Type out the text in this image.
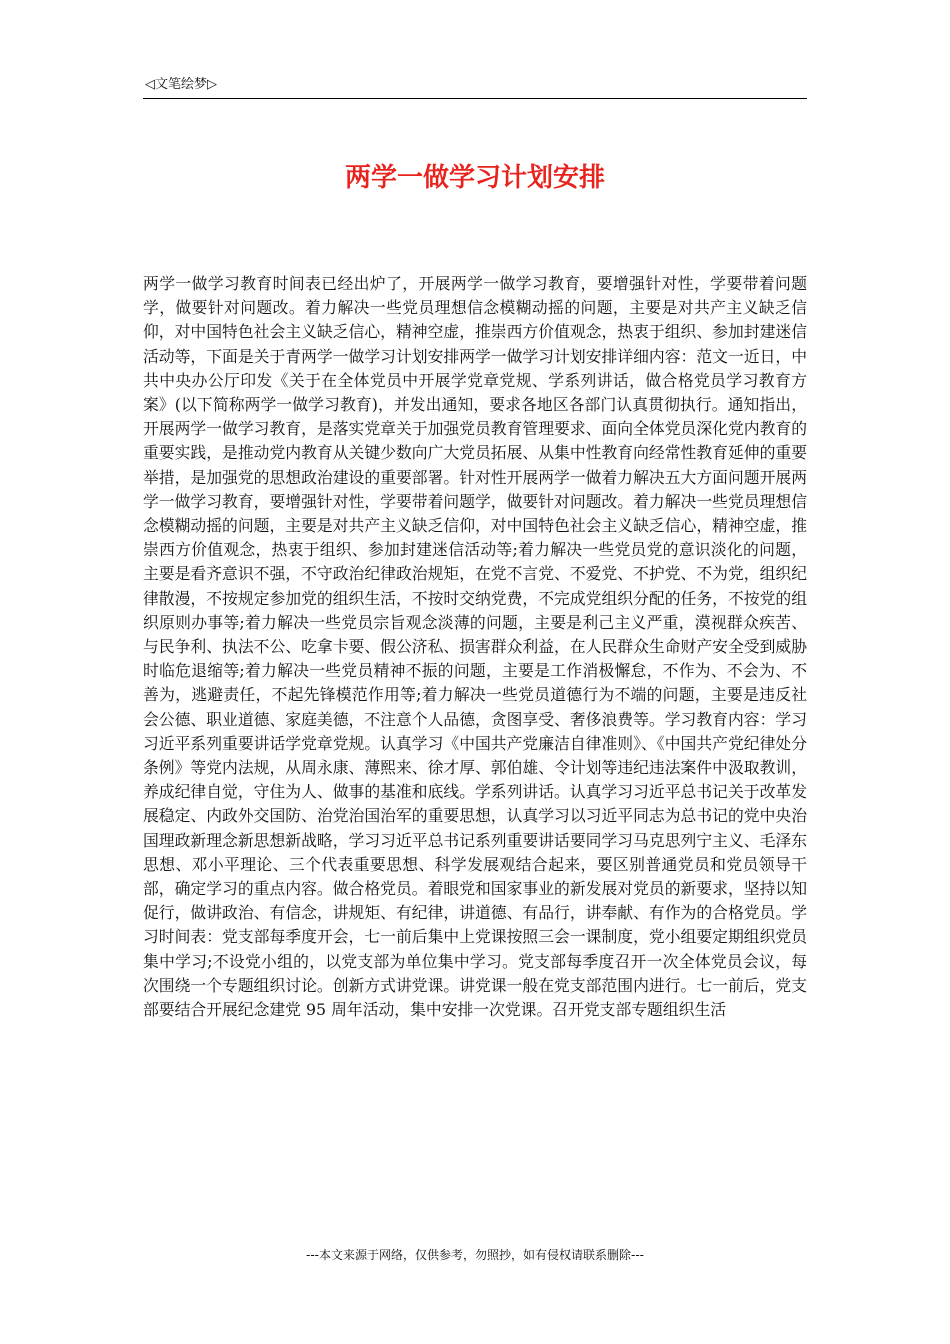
◁文笔绘梦▷
两学一做学习计划安排
两学一做学习教育时间表已经出炉了，开展两学一做学习教育，要增强针对性，学要带着问题学，做要针对问题改。着力解决一些党员理想信念模糊动摇的问题，主要是对共产主义缺乏信仰，对中国特色社会主义缺乏信心，精神空虚，推崇西方价值观念，热衷于组织、参加封建迷信活动等，下面是关于青两学一做学习计划安排两学一做学习计划安排详细内容：范文一近日，中共中央办公厅印发《关于在全体党员中开展学党章党规、学系列讲话，做合格党员学习教育方案》(以下简称两学一做学习教育)，并发出通知，要求各地区各部门认真贯彻执行。通知指出，开展两学一做学习教育，是落实党章关于加强党员教育管理要求、面向全体党员深化党内教育的重要实践，是推动党内教育从关键少数向广大党员拓展、从集中性教育向经常性教育延伸的重要举措，是加强党的思想政治建设的重要部署。针对性开展两学一做着力解决五大方面问题开展两学一做学习教育，要增强针对性，学要带着问题学，做要针对问题改。着力解决一些党员理想信念模糊动摇的问题，主要是对共产主义缺乏信仰，对中国特色社会主义缺乏信心，精神空虚，推崇西方价值观念，热衷于组织、参加封建迷信活动等;着力解决一些党员党的意识淡化的问题，主要是看齐意识不强，不守政治纪律政治规矩，在党不言党、不爱党、不护党、不为党，组织纪律散漫，不按规定参加党的组织生活，不按时交纳党费，不完成党组织分配的任务，不按党的组织原则办事等;着力解决一些党员宗旨观念淡薄的问题，主要是利己主义严重，漠视群众疾苦、与民争利、执法不公、吃拿卡要、假公济私、损害群众利益，在人民群众生命财产安全受到威胁时临危退缩等;着力解决一些党员精神不振的问题，主要是工作消极懈怠，不作为、不会为、不善为，逃避责任，不起先锋模范作用等;着力解决一些党员道德行为不端的问题，主要是违反社会公德、职业道德、家庭美德，不注意个人品德，贪图享受、奢侈浪费等。学习教育内容：学习习近平系列重要讲话学党章党规。认真学习《中国共产党廉洁自律准则》、《中国共产党纪律处分条例》等党内法规，从周永康、薄熙来、徐才厚、郭伯雄、令计划等违纪违法案件中汲取教训，养成纪律自觉，守住为人、做事的基准和底线。学系列讲话。认真学习习近平总书记关于改革发展稳定、内政外交国防、治党治国治军的重要思想，认真学习以习近平同志为总书记的党中央治国理政新理念新思想新战略，学习习近平总书记系列重要讲话要同学习马克思列宁主义、毛泽东思想、邓小平理论、三个代表重要思想、科学发展观结合起来，要区别普通党员和党员领导干部，确定学习的重点内容。做合格党员。着眼党和国家事业的新发展对党员的新要求，坚持以知促行，做讲政治、有信念，讲规矩、有纪律，讲道德、有品行，讲奉献、有作为的合格党员。学习时间表：党支部每季度开会，七一前后集中上党课按照三会一课制度，党小组要定期组织党员集中学习;不设党小组的，以党支部为单位集中学习。党支部每季度召开一次全体党员会议，每次围绕一个专题组织讨论。创新方式讲党课。讲党课一般在党支部范围内进行。七一前后，党支部要结合开展纪念建党 95 周年活动，集中安排一次党课。召开党支部专题组织生活
---本文来源于网络，仅供参考，勿照抄，如有侵权请联系删除---
